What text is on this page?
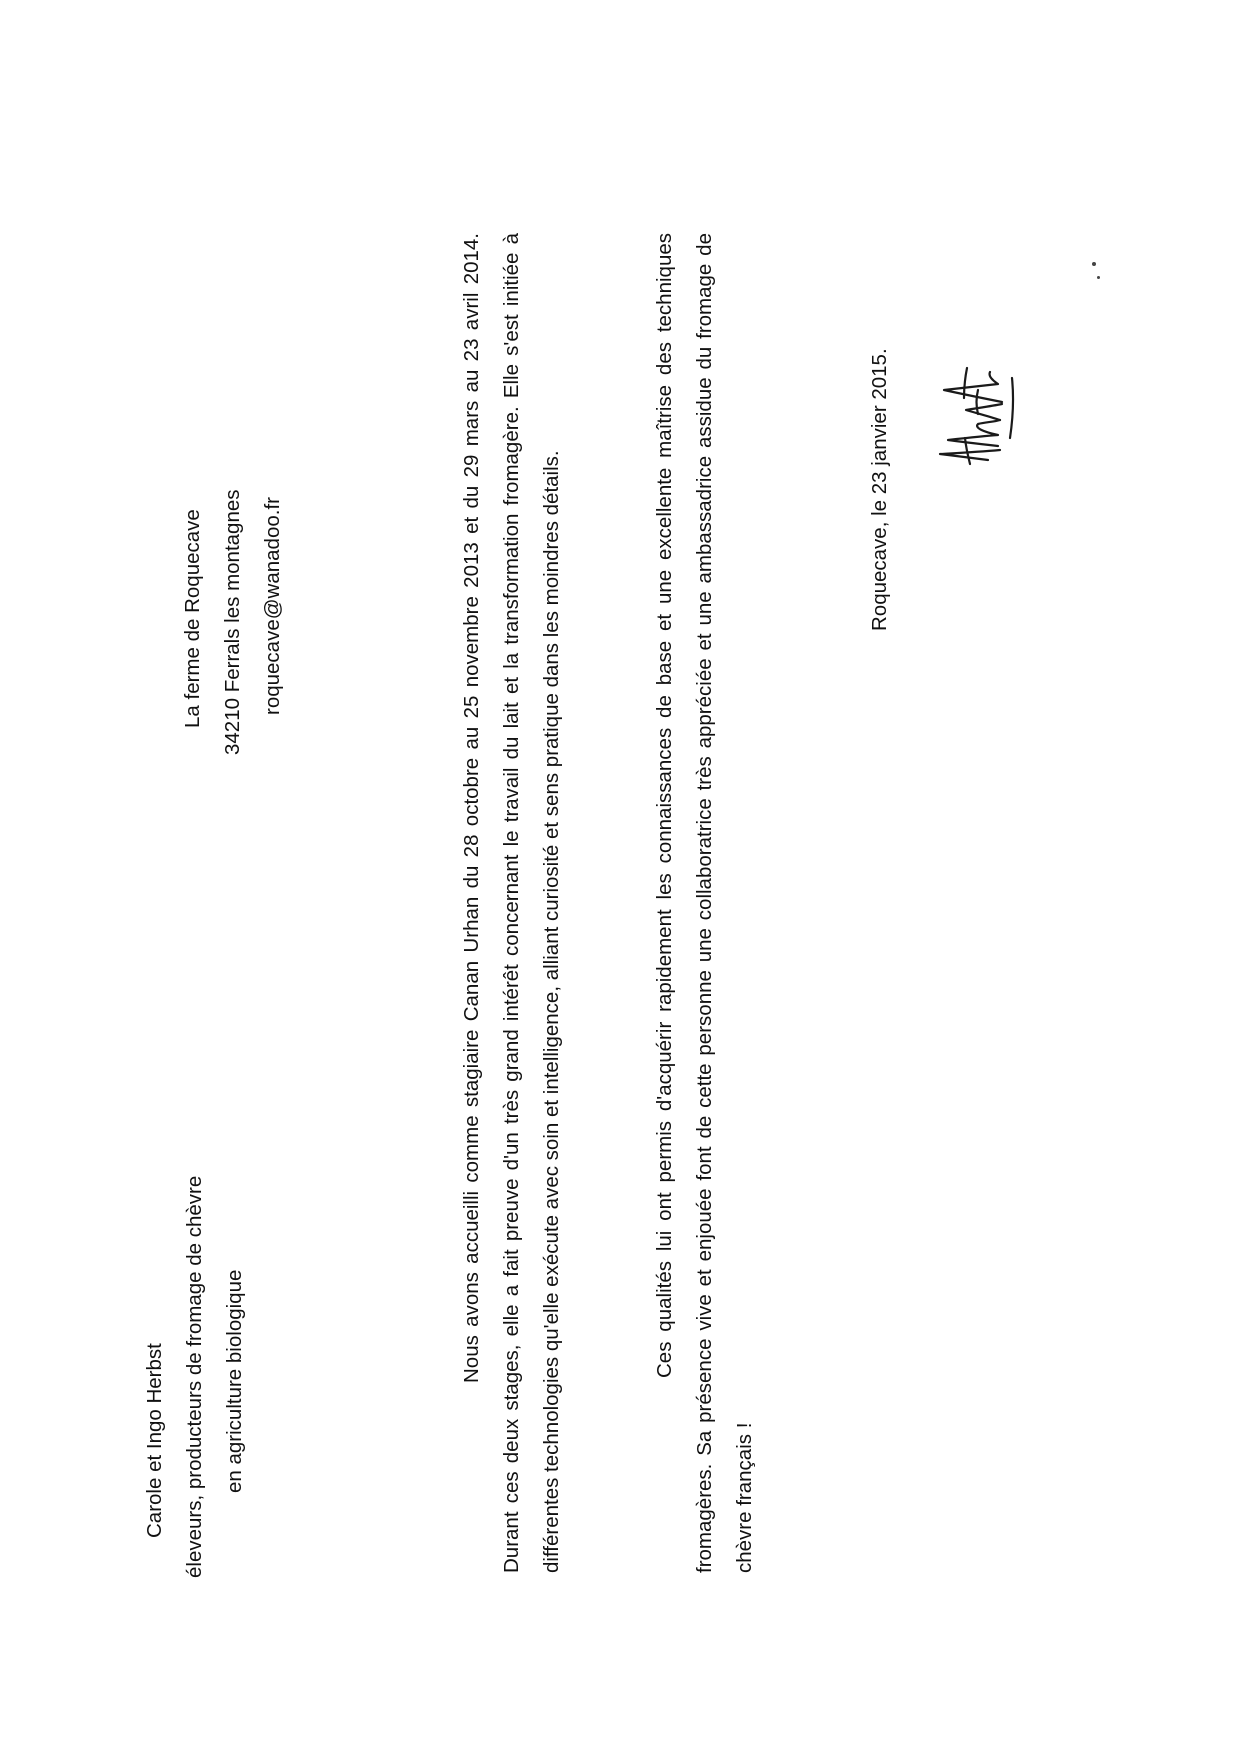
Carole et Ingo Herbst éleveurs, producteurs de fromage de chèvre en agriculture biologique
La ferme de Roquecave 34210 Ferrals les montagnes roquecave@wanadoo.fr	Nous avons accueilli comme stagiaire Canan Urhan du 28 octobre au 25 novembre 2013 et du 29 mars au 23 avril 2014. Durant ces deux stages, elle a fait preuve d'un très grand intérêt concernant le travail du lait et la transformation fromagère. Elle s'est initiée à différentes technologies qu'elle exécute avec soin et intelligence, alliant curiosité et sens pratique dans les moindres détails.	Ces qualités lui ont permis d'acquérir rapidement les connaissances de base et une excellente maîtrise des techniques fromagères. Sa présence vive et enjouée font de cette personne une collaboratrice très appréciée et une ambassadrice assidue du fromage de chèvre français !

Roquecave, le 23 janvier 2015.
